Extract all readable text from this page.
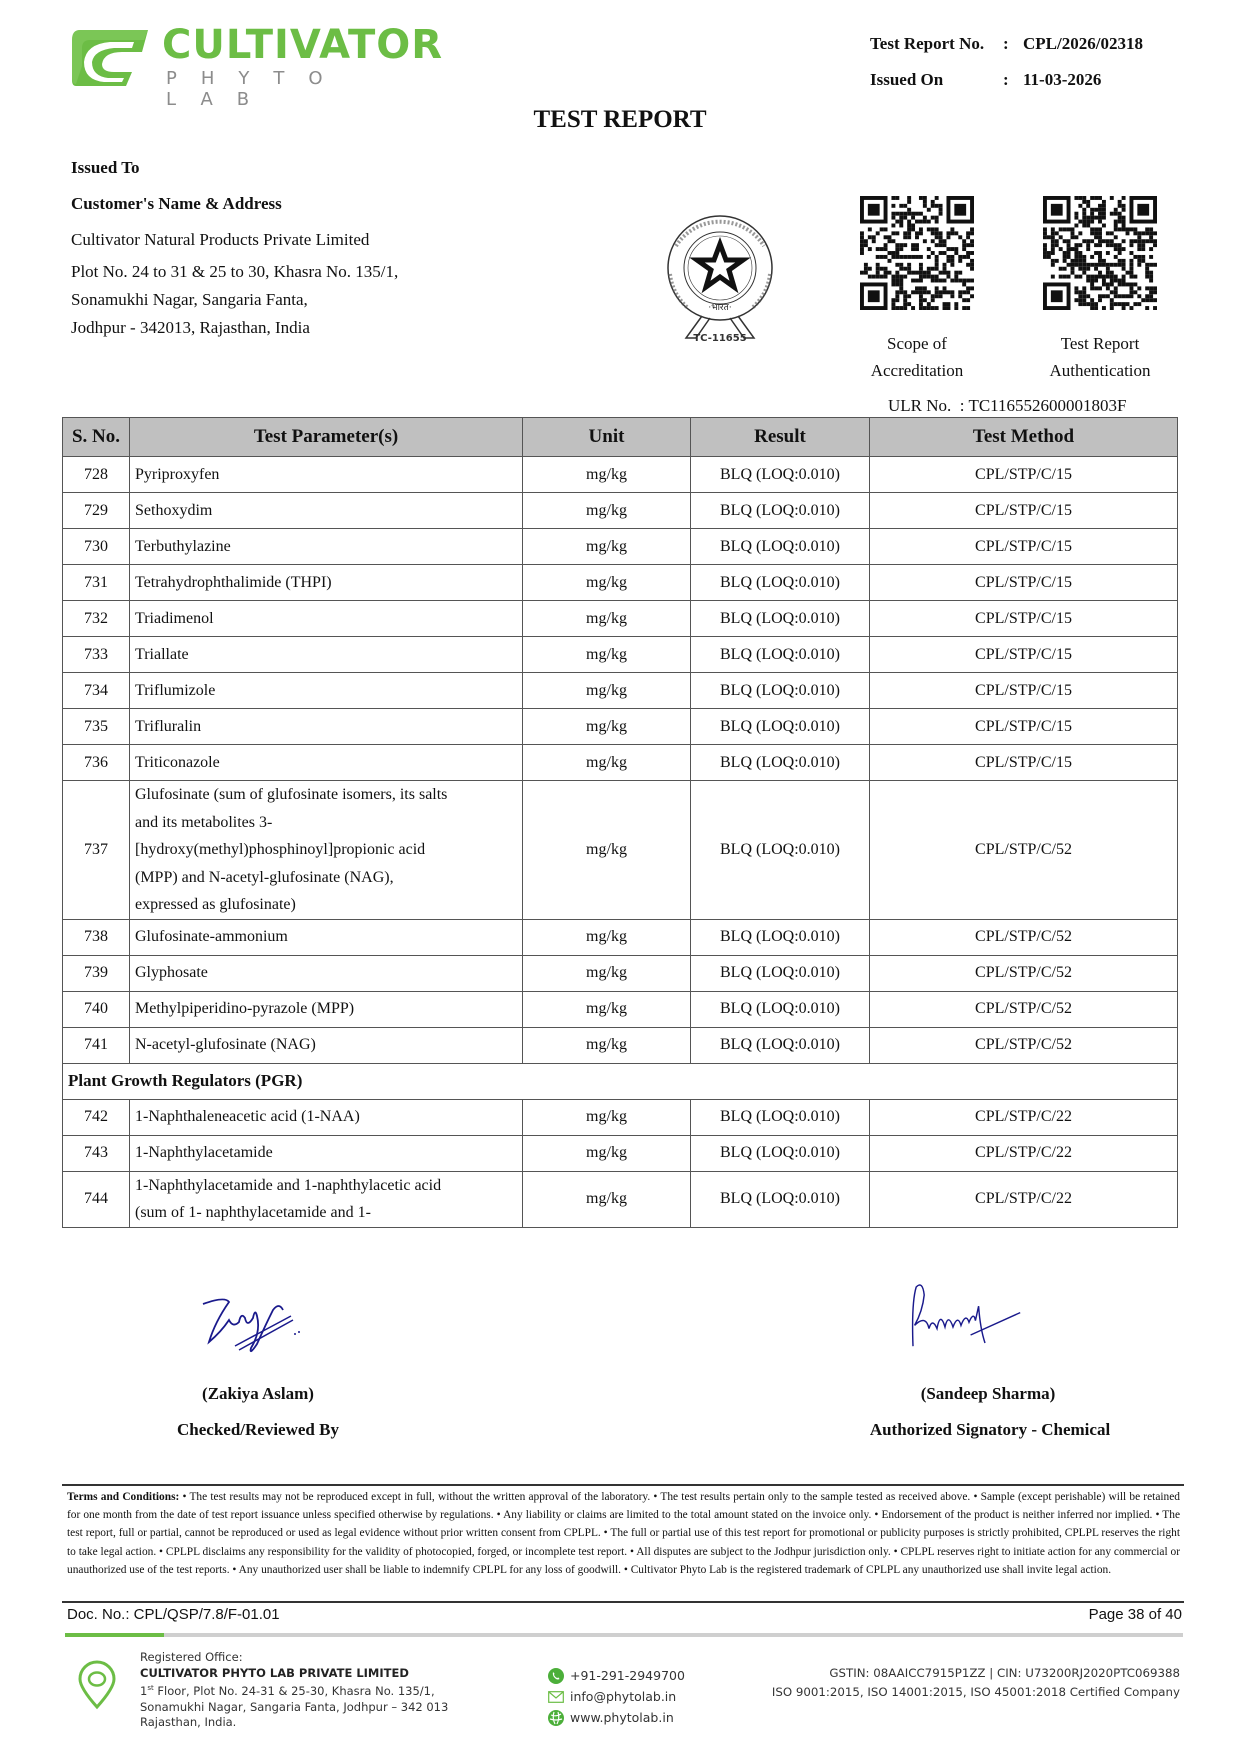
CULTIVATOR
PHYTO LAB
Test Report No.	: CPL/2026/02318
Issued On	: 11-03-2026
TEST REPORT
Issued To
Customer's Name & Address
Cultivator Natural Products Private Limited
Plot No. 24 to 31 & 25 to 30, Khasra No. 135/1,
Sonamukhi Nagar, Sangaria Fanta,
Jodhpur - 342013, Rajasthan, India
·भारत·
TC-11655	Scope of
Accreditation
Test Report
Authentication
ULR No. : TC116552600001803F
S. No.	Test Parameter(s)	Unit	Result	Test Method
728	Pyriproxyfen	mg/kg	BLQ (LOQ:0.010)	CPL/STP/C/15
729	Sethoxydim	mg/kg	BLQ (LOQ:0.010)	CPL/STP/C/15
730	Terbuthylazine	mg/kg	BLQ (LOQ:0.010)	CPL/STP/C/15
731	Tetrahydrophthalimide (THPI)	mg/kg	BLQ (LOQ:0.010)	CPL/STP/C/15
732	Triadimenol	mg/kg	BLQ (LOQ:0.010)	CPL/STP/C/15
733	Triallate	mg/kg	BLQ (LOQ:0.010)	CPL/STP/C/15
734	Triflumizole	mg/kg	BLQ (LOQ:0.010)	CPL/STP/C/15
735	Trifluralin	mg/kg	BLQ (LOQ:0.010)	CPL/STP/C/15
736	Triticonazole	mg/kg	BLQ (LOQ:0.010)	CPL/STP/C/15
737	Glufosinate (sum of glufosinate isomers, its salts
and its metabolites 3-
[hydroxy(methyl)phosphinoyl]propionic acid
(MPP) and N-acetyl-glufosinate (NAG),
expressed as glufosinate)	mg/kg	BLQ (LOQ:0.010)	CPL/STP/C/52
738	Glufosinate-ammonium	mg/kg	BLQ (LOQ:0.010)	CPL/STP/C/52
739	Glyphosate	mg/kg	BLQ (LOQ:0.010)	CPL/STP/C/52
740	Methylpiperidino-pyrazole (MPP)	mg/kg	BLQ (LOQ:0.010)	CPL/STP/C/52
741	N-acetyl-glufosinate (NAG)	mg/kg	BLQ (LOQ:0.010)	CPL/STP/C/52
Plant Growth Regulators (PGR)				
742	1-Naphthaleneacetic acid (1-NAA)	mg/kg	BLQ (LOQ:0.010)	CPL/STP/C/22
743	1-Naphthylacetamide	mg/kg	BLQ (LOQ:0.010)	CPL/STP/C/22
744	1-Naphthylacetamide and 1-naphthylacetic acid
(sum of 1- naphthylacetamide and 1-	mg/kg	BLQ (LOQ:0.010)	CPL/STP/C/22
(Zakiya Aslam)
Checked/Reviewed By
(Sandeep Sharma)
Authorized Signatory - Chemical
Terms and Conditions: • The test results may not be reproduced except in full, without the written approval of the laboratory. • The test results pertain only to the sample tested as received above. • Sample (except perishable) will be retained for one month from the date of test report issuance unless specified otherwise by regulations. • Any liability or claims are limited to the total amount stated on the invoice only. • Endorsement of the product is neither inferred nor implied. • The test report, full or partial, cannot be reproduced or used as legal evidence without prior written consent from CPLPL. • The full or partial use of this test report for promotional or publicity purposes is strictly prohibited, CPLPL reserves the right to take legal action. • CPLPL disclaims any responsibility for the validity of photocopied, forged, or incomplete test report. • All disputes are subject to the Jodhpur jurisdiction only. • CPLPL reserves right to initiate action for any commercial or unauthorized use of the test reports. • Any unauthorized user shall be liable to indemnify CPLPL for any loss of goodwill. • Cultivator Phyto Lab is the registered trademark of CPLPL any unauthorized use shall invite legal action.
Doc. No.: CPL/QSP/7.8/F-01.01	Page 38 of 40
Registered Office:
CULTIVATOR PHYTO LAB PRIVATE LIMITED
1st Floor, Plot No. 24-31 & 25-30, Khasra No. 135/1,
Sonamukhi Nagar, Sangaria Fanta, Jodhpur – 342 013
Rajasthan, India.
+91-291-2949700
info@phytolab.in
www.phytolab.in
GSTIN: 08AAICC7915P1ZZ | CIN: U73200RJ2020PTC069388
ISO 9001:2015, ISO 14001:2015, ISO 45001:2018 Certified Company
